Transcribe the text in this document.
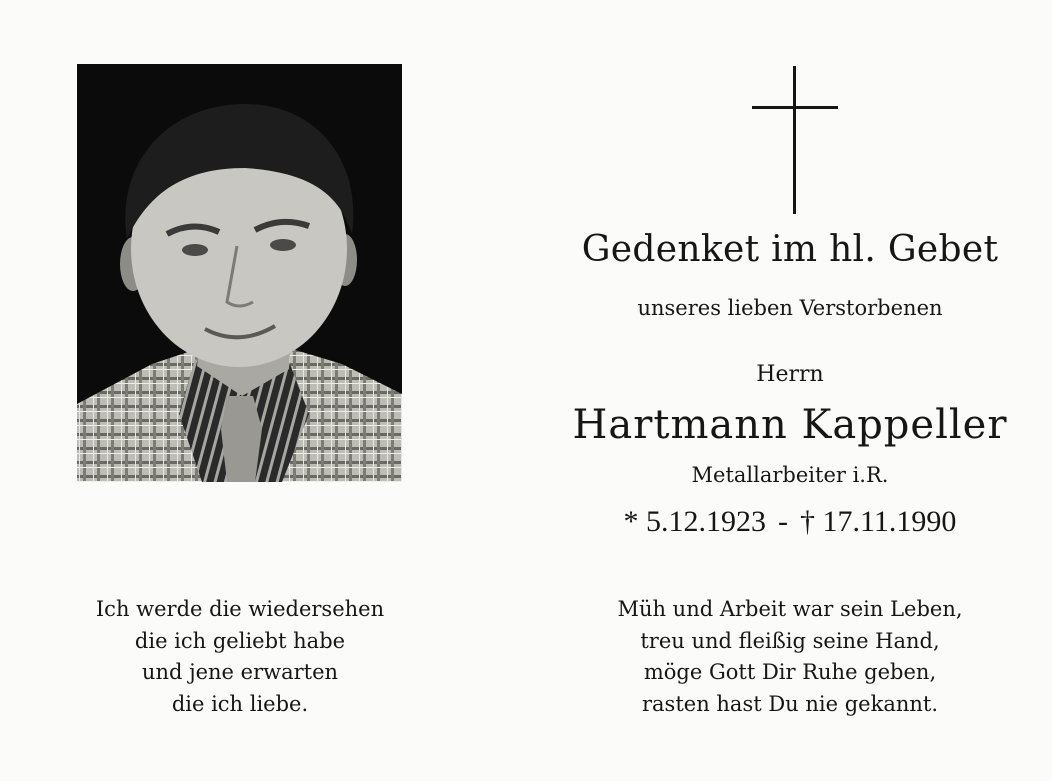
Gedenket im hl. Gebet
unseres lieben Verstorbenen
Herrn
Hartmann Kappeller
Metallarbeiter i.R.
* 5.12.1923 - † 17.11.1990
Ich werde die wiedersehen
die ich geliebt habe
und jene erwarten
die ich liebe.
Müh und Arbeit war sein Leben,
treu und fleißig seine Hand,
möge Gott Dir Ruhe geben,
rasten hast Du nie gekannt.
